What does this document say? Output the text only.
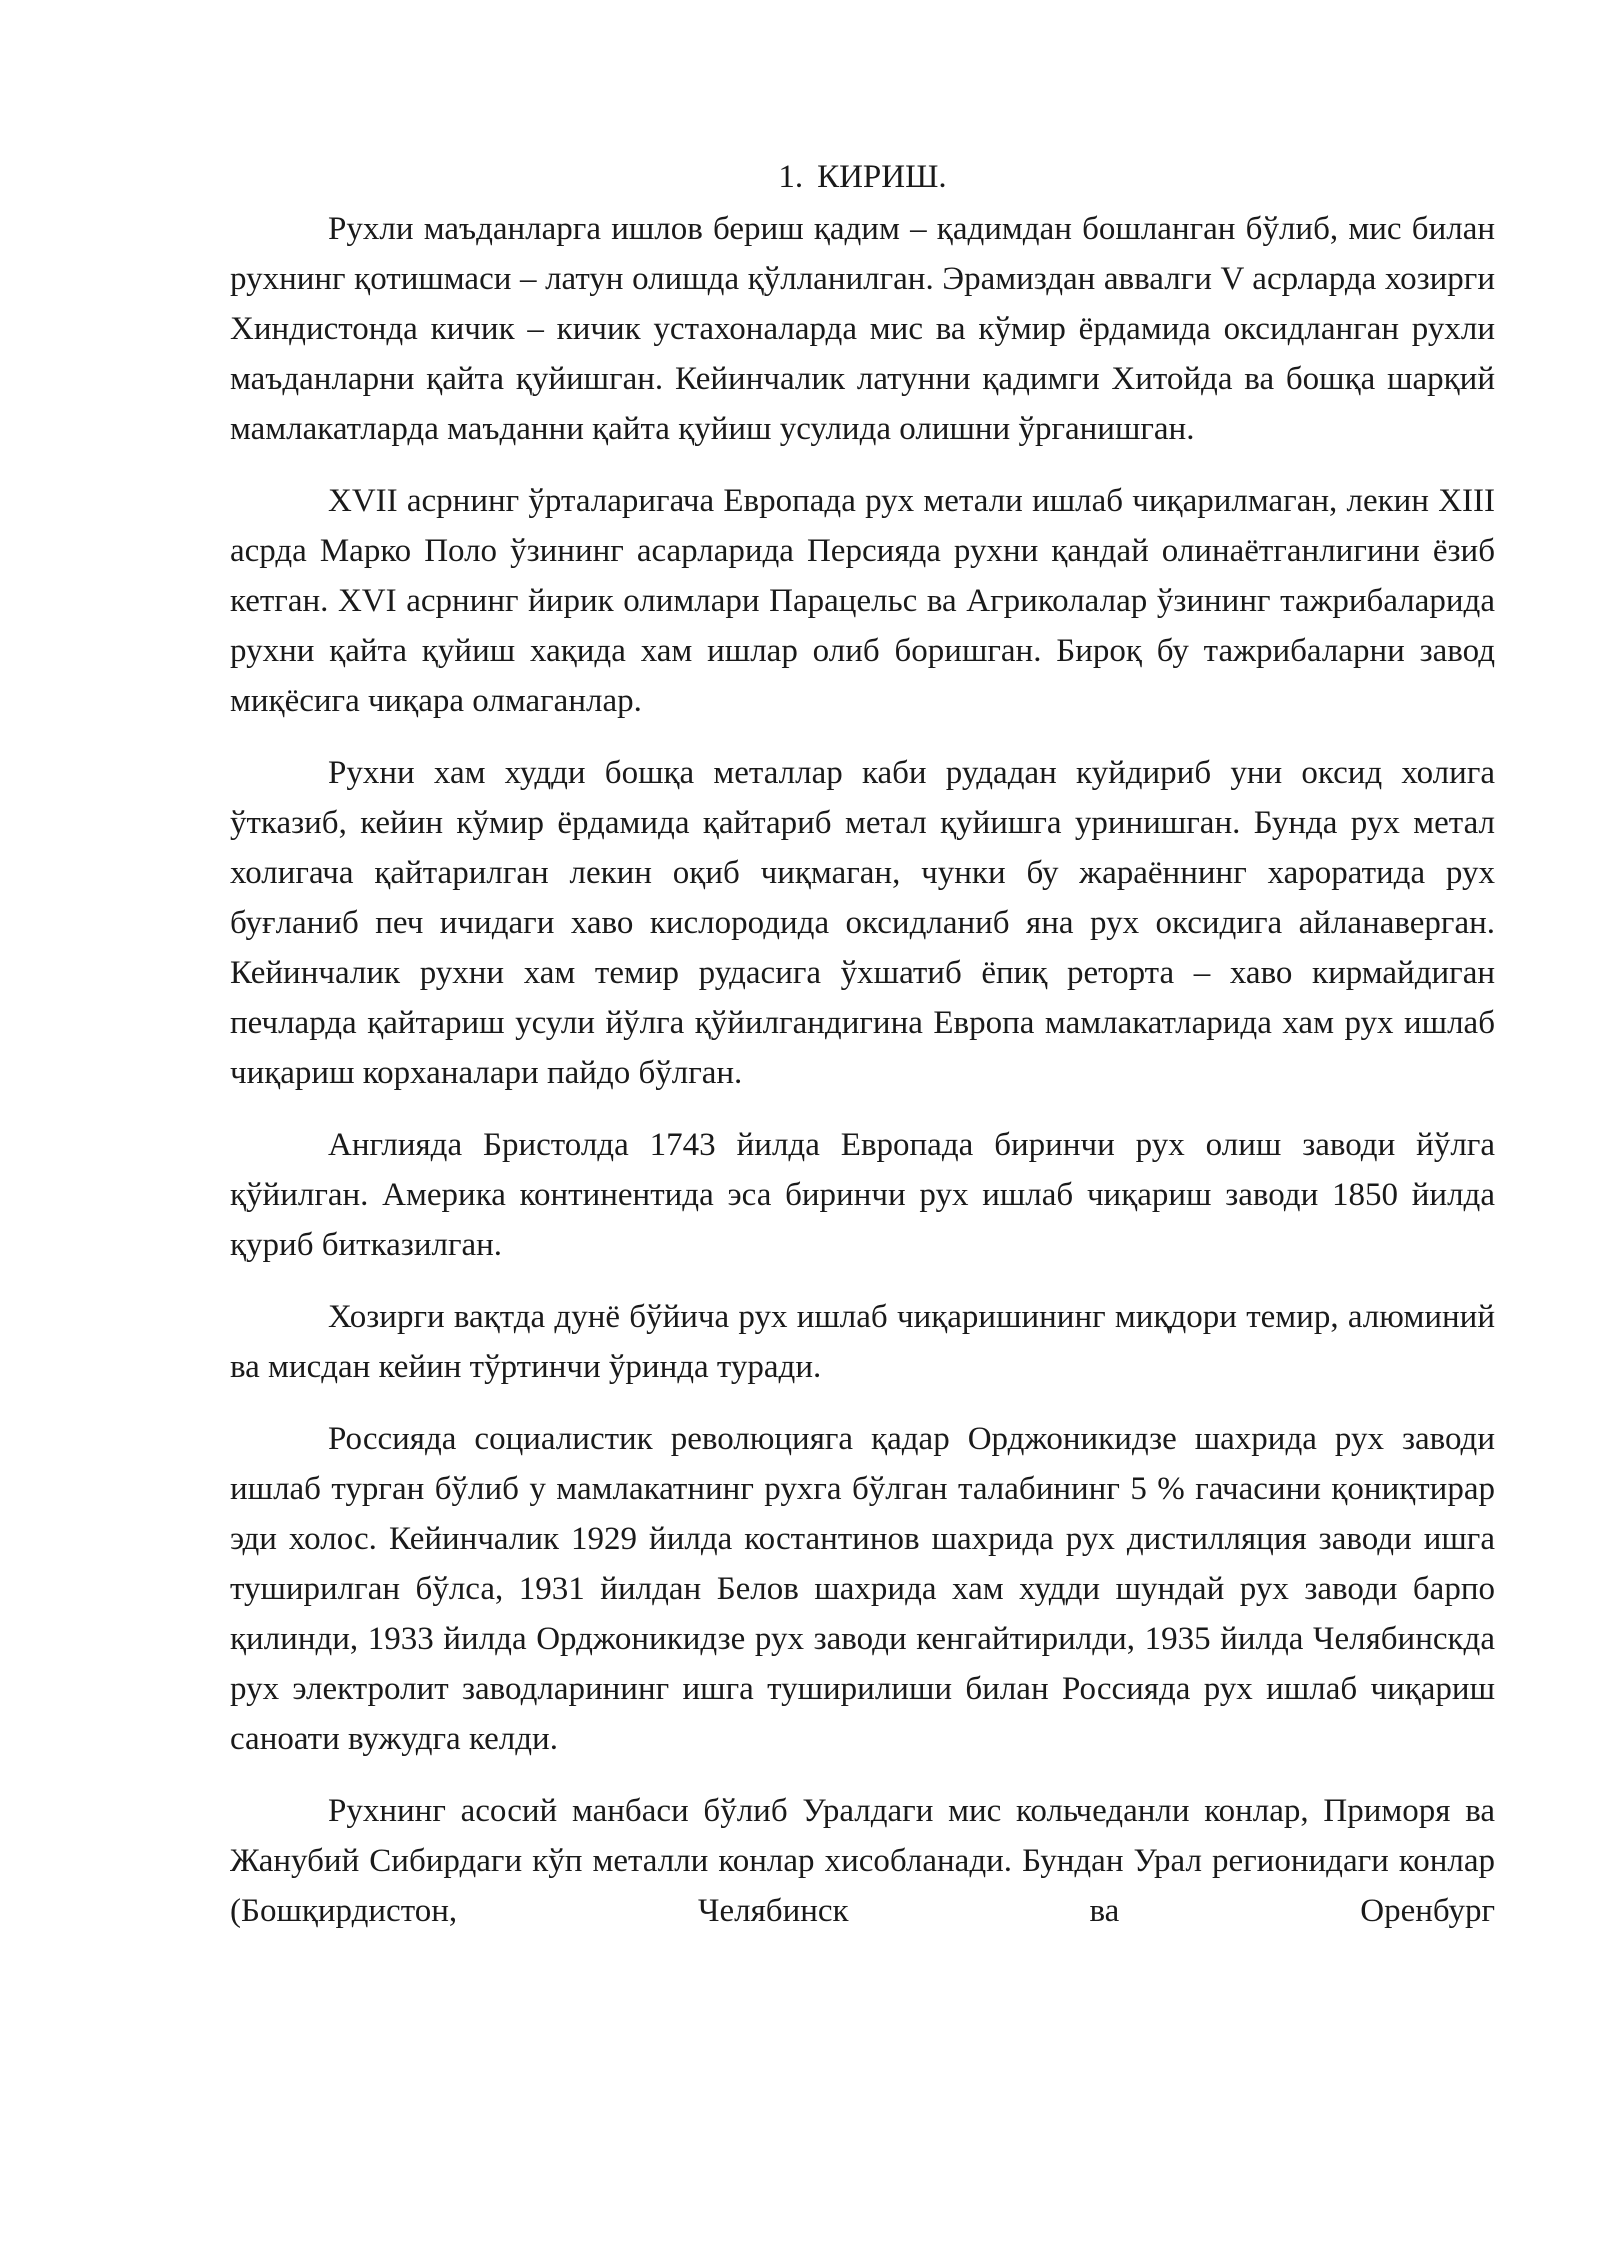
1. КИРИШ.

Рухли маъданларга ишлов бериш қадим – қадимдан бошланган бўлиб, мис билан рухнинг қотишмаси – латун олишда қўлланилган. Эрамиздан аввалги V асрларда хозирги Хиндистонда кичик – кичик устахоналарда мис ва кўмир ёрдамида оксидланган рухли маъданларни қайта қуйишган. Кейинчалик латунни қадимги Хитойда ва бошқа шарқий мамлакатларда маъданни қайта қуйиш усулида олишни ўрганишган.

XVII асрнинг ўрталаригача Европада рух метали ишлаб чиқарилмаган, лекин XIII асрда Марко Поло ўзининг асарларида Персияда рухни қандай олинаётганлигини ёзиб кетган. XVI асрнинг йирик олимлари Парацельс ва Агриколалар ўзининг тажрибаларида рухни қайта қуйиш хақида хам ишлар олиб боришган. Бироқ бу тажрибаларни завод миқёсига чиқара олмаганлар.

Рухни хам худди бошқа металлар каби рудадан куйдириб уни оксид холига ўтказиб, кейин кўмир ёрдамида қайтариб метал қуйишга уринишган. Бунда рух метал холигача қайтарилган лекин оқиб чиқмаган, чунки бу жараённинг хароратида рух буғланиб печ ичидаги хаво кислородида оксидланиб яна рух оксидига айланаверган. Кейинчалик рухни хам темир рудасига ўхшатиб ёпиқ реторта – хаво кирмайдиган печларда қайтариш усули йўлга қўйилгандигина Европа мамлакатларида хам рух ишлаб чиқариш корханалари пайдо бўлган.

Англияда Бристолда 1743 йилда Европада биринчи рух олиш заводи йўлга қўйилган. Америка континентида эса биринчи рух ишлаб чиқариш заводи 1850 йилда қуриб битказилган.

Хозирги вақтда дунё бўйича рух ишлаб чиқаришининг миқдори темир, алюминий ва мисдан кейин тўртинчи ўринда туради.

Россияда социалистик революцияга қадар Орджоникидзе шахрида рух заводи ишлаб турган бўлиб у мамлакатнинг рухга бўлган талабининг 5 % гачасини қониқтирар эди холос. Кейинчалик 1929 йилда костантинов шахрида рух дистилляция заводи ишга туширилган бўлса, 1931 йилдан Белов шахрида хам худди шундай рух заводи барпо қилинди, 1933 йилда Орджоникидзе рух заводи кенгайтирилди, 1935 йилда Челябинскда рух электролит заводларининг ишга туширилиши билан Россияда рух ишлаб чиқариш саноати вужудга келди.

Рухнинг асосий манбаси бўлиб Уралдаги мис кольчеданли конлар, Приморя ва Жанубий Сибирдаги кўп металли конлар хисобланади. Бундан Урал регионидаги конлар (Бошқирдистон, Челябинск ва Оренбург
